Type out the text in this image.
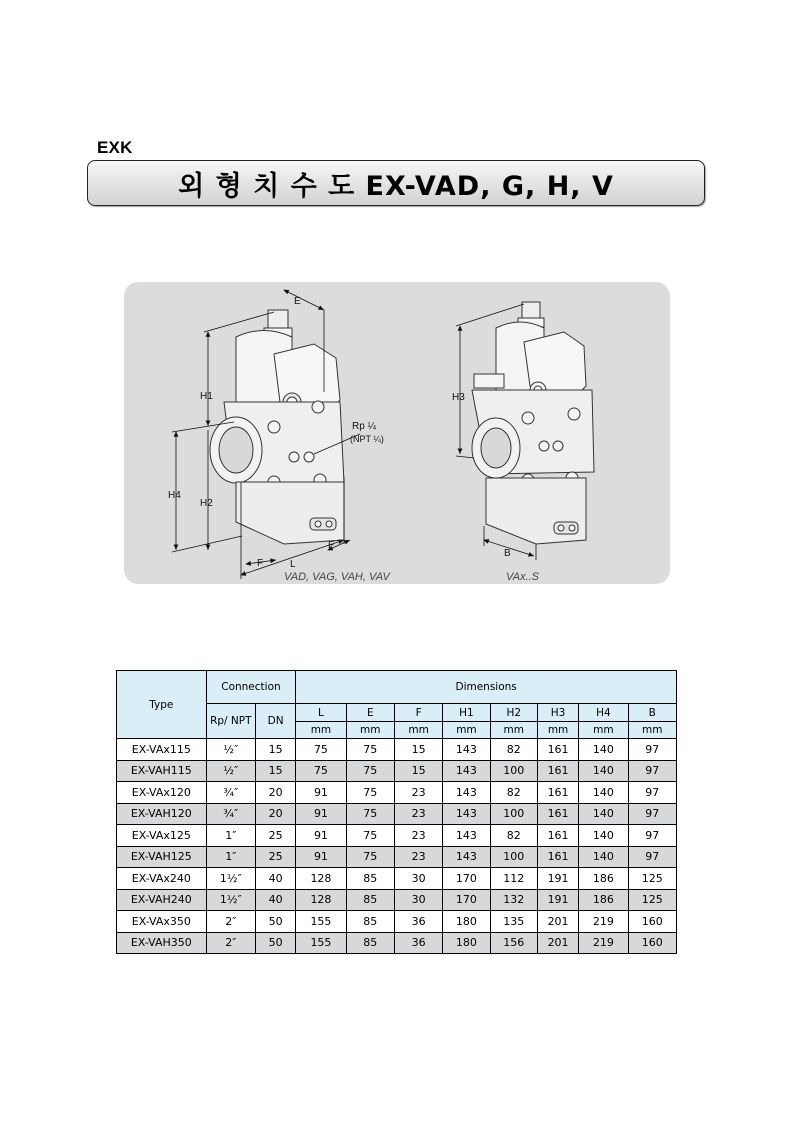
EXK
외 형 치 수 도 EX-VAD, G, H, V
E
H1
H2
H4
F
F
L
Rp ¼
(NPT ¼)
VAD, VAG, VAH, VAV
H3
B
VAx..S
Type	Connection		Dimensions							
	Rp/ NPT	DN	L	E	F	H1	H2	H3	H4	B
			mm	mm	mm	mm	mm	mm	mm	mm
EX-VAx115	½″	15	75	75	15	143	82	161	140	97
EX-VAH115	½″	15	75	75	15	143	100	161	140	97
EX-VAx120	¾″	20	91	75	23	143	82	161	140	97
EX-VAH120	¾″	20	91	75	23	143	100	161	140	97
EX-VAx125	1″	25	91	75	23	143	82	161	140	97
EX-VAH125	1″	25	91	75	23	143	100	161	140	97
EX-VAx240	1½″	40	128	85	30	170	112	191	186	125
EX-VAH240	1½″	40	128	85	30	170	132	191	186	125
EX-VAx350	2″	50	155	85	36	180	135	201	219	160
EX-VAH350	2″	50	155	85	36	180	156	201	219	160
